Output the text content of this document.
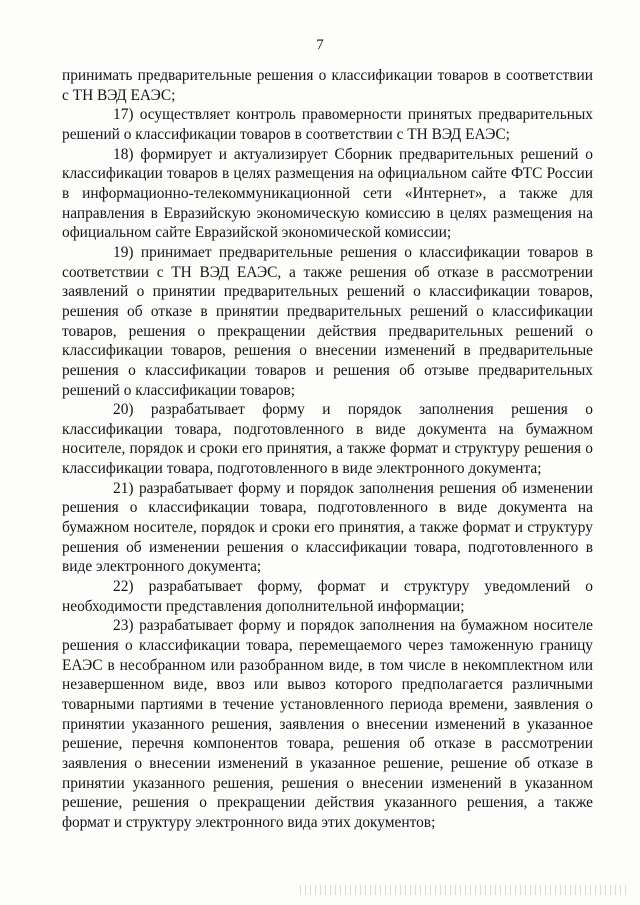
7

принимать предварительные решения о классификации товаров в соответствии с ТН ВЭД ЕАЭС;

17) осуществляет контроль правомерности принятых предварительных решений о классификации товаров в соответствии с ТН ВЭД ЕАЭС;

18) формирует и актуализирует Сборник предварительных решений о классификации товаров в целях размещения на официальном сайте ФТС России в информационно-телекоммуникационной сети «Интернет», а также для направления в Евразийскую экономическую комиссию в целях размещения на официальном сайте Евразийской экономической комиссии;

19) принимает предварительные решения о классификации товаров в соответствии с ТН ВЭД ЕАЭС, а также решения об отказе в рассмотрении заявлений о принятии предварительных решений о классификации товаров, решения об отказе в принятии предварительных решений о классификации товаров, решения о прекращении действия предварительных решений о классификации товаров, решения о внесении изменений в предварительные решения о классификации товаров и решения об отзыве предварительных решений о классификации товаров;

20) разрабатывает форму и порядок заполнения решения о классификации товара, подготовленного в виде документа на бумажном носителе, порядок и сроки его принятия, а также формат и структуру решения о классификации товара, подготовленного в виде электронного документа;

21) разрабатывает форму и порядок заполнения решения об изменении решения о классификации товара, подготовленного в виде документа на бумажном носителе, порядок и сроки его принятия, а также формат и структуру решения об изменении решения о классификации товара, подготовленного в виде электронного документа;

22) разрабатывает форму, формат и структуру уведомлений о необходимости представления дополнительной информации;

23) разрабатывает форму и порядок заполнения на бумажном носителе решения о классификации товара, перемещаемого через таможенную границу ЕАЭС в несобранном или разобранном виде, в том числе в некомплектном или незавершенном виде, ввоз или вывоз которого предполагается различными товарными партиями в течение установленного периода времени, заявления о принятии указанного решения, заявления о внесении изменений в указанное решение, перечня компонентов товара, решения об отказе в рассмотрении заявления о внесении изменений в указанное решение, решение об отказе в принятии указанного решения, решения о внесении изменений в указанном решение, решения о прекращении действия указанного решения, а также формат и структуру электронного вида этих документов;
